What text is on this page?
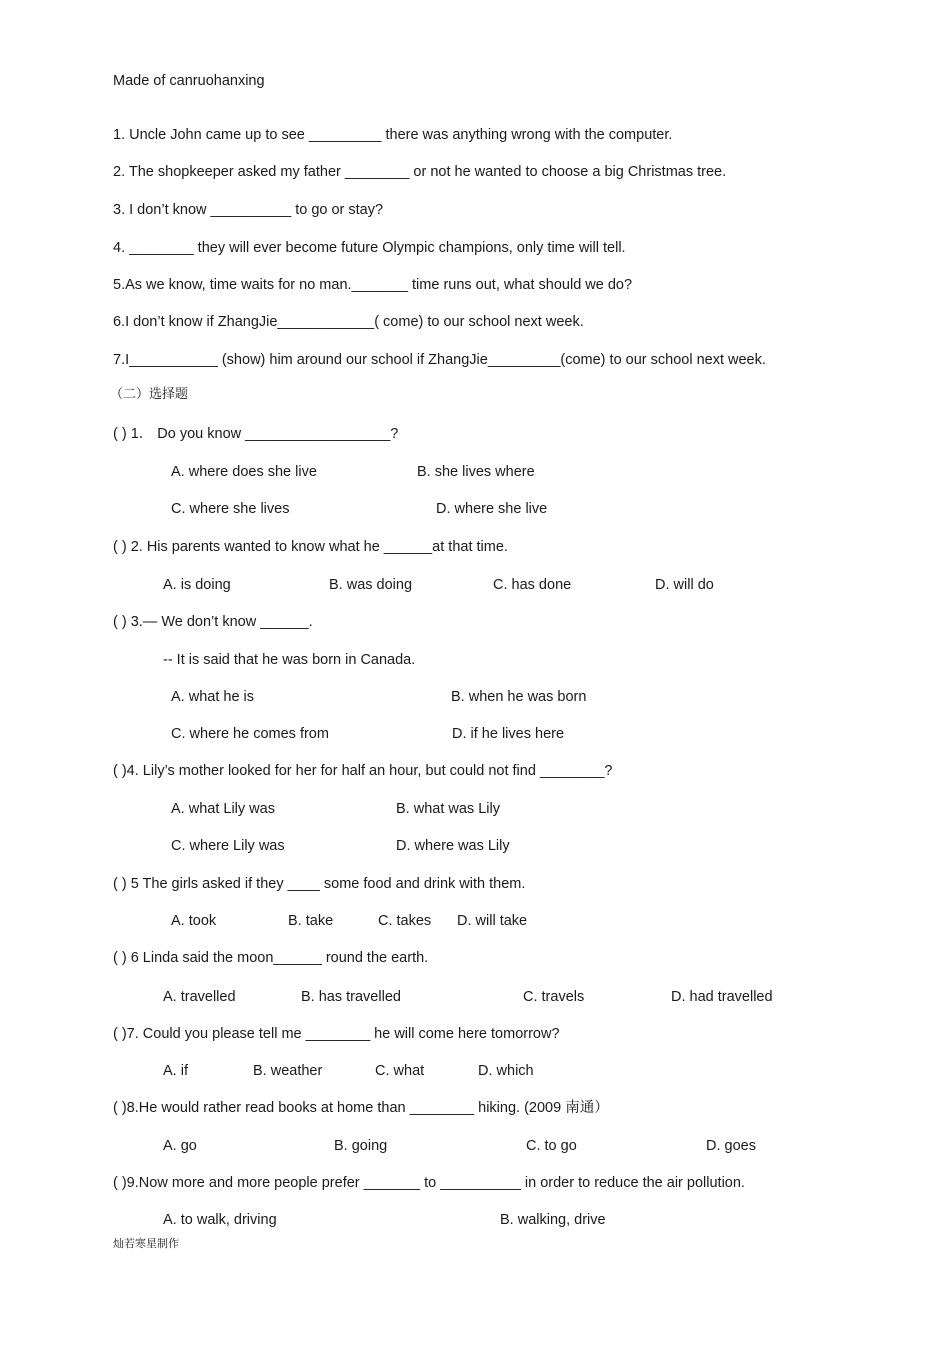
Made of canruohanxing
1. Uncle John came up to see _________ there was anything wrong with the computer.
2. The shopkeeper asked my father ________ or not he wanted to choose a big Christmas tree.
3. I don’t know __________ to go or stay?
4. ________ they will ever become future Olympic champions, only time will tell.
5.As we know, time waits for no man._______ time runs out, what should we do?
6.I don’t know if ZhangJie____________( come) to our school next week.
7.I___________ (show) him around our school if ZhangJie_________(come) to our school next week.
（二）选择题
( ) 1． Do you know __________________?
A. where does she live	B. she lives where
C. where she lives	D. where she live
( ) 2. His parents wanted to know what he ______at that time.
A. is doing	B. was doing	C. has done	D. will do
( ) 3.— We don’t know ______.
-- It is said that he was born in Canada.
A. what he is	B. when he was born
C. where he comes from	D. if he lives here
( )4. Lily’s mother looked for her for half an hour, but could not find ________?
A. what Lily was	B. what was Lily
C. where Lily was	D. where was Lily
( ) 5 The girls asked if they ____ some food and drink with them.
A. took	B. take	C. takes D. will take
( ) 6 Linda said the moon______ round the earth.
A. travelled	B. has travelled	C. travels	D. had travelled
( )7. Could you please tell me ________ he will come here tomorrow?
A. if	B. weather	C. what	D. which
( )8.He would rather read books at home than ________ hiking. (2009 南通）
A. go	B. going	C. to go	D. goes
( )9.Now more and more people prefer _______ to __________ in order to reduce the air pollution.
A. to walk, driving	B. walking, drive
灿若寒星制作
